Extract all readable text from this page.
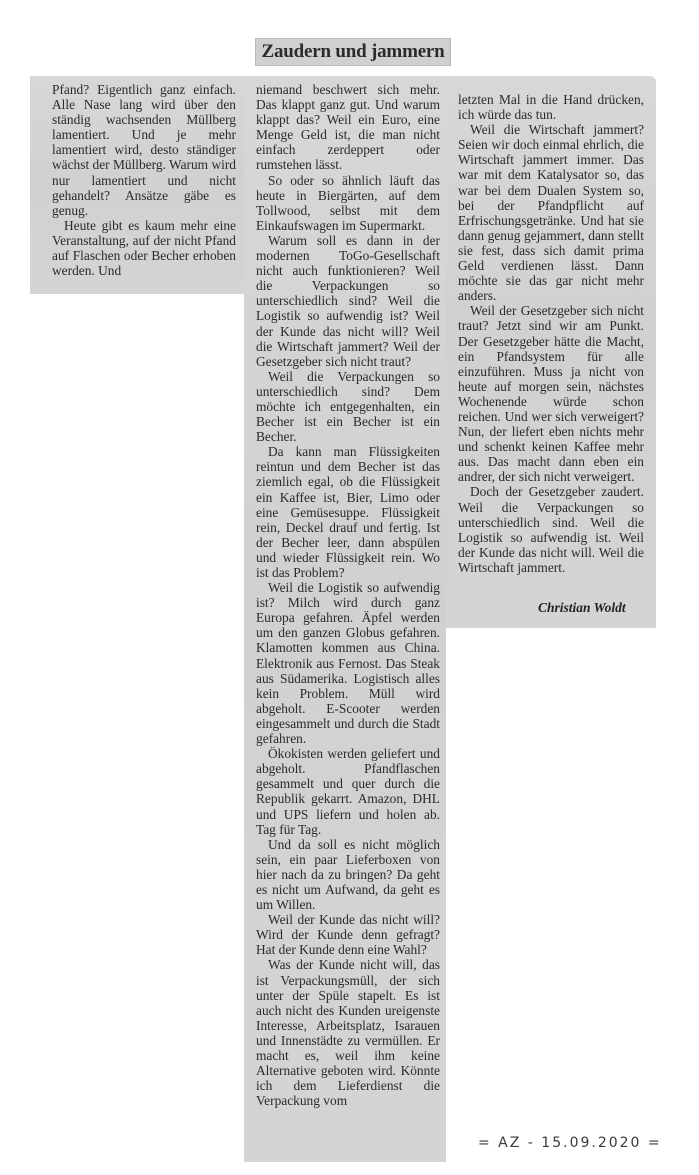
Zaudern und jammern

Pfand? Eigentlich ganz einfach. Alle Nase lang wird über den ständig wachsenden Müllberg lamentiert. Und je mehr lamentiert wird, desto ständiger wächst der Müllberg. Warum wird nur lamentiert und nicht gehandelt? Ansätze gäbe es genug.

Heute gibt es kaum mehr eine Veranstaltung, auf der nicht Pfand auf Flaschen oder Becher erhoben werden. Und

niemand beschwert sich mehr. Das klappt ganz gut. Und warum klappt das? Weil ein Euro, eine Menge Geld ist, die man nicht einfach zerdeppert oder rumstehen lässt.

So oder so ähnlich läuft das heute in Biergärten, auf dem Tollwood, selbst mit dem Einkaufswagen im Supermarkt.

Warum soll es dann in der modernen ToGo-Gesellschaft nicht auch funktionieren? Weil die Verpackungen so unterschiedlich sind? Weil die Logistik so aufwendig ist? Weil der Kunde das nicht will? Weil die Wirtschaft jammert? Weil der Gesetzgeber sich nicht traut?

Weil die Verpackungen so unterschiedlich sind? Dem möchte ich entgegenhalten, ein Becher ist ein Becher ist ein Becher.

Da kann man Flüssigkeiten reintun und dem Becher ist das ziemlich egal, ob die Flüssigkeit ein Kaffee ist, Bier, Limo oder eine Gemüsesuppe. Flüssigkeit rein, Deckel drauf und fertig. Ist der Becher leer, dann abspülen und wieder Flüssigkeit rein. Wo ist das Problem?

Weil die Logistik so aufwendig ist? Milch wird durch ganz Europa gefahren. Äpfel werden um den ganzen Globus gefahren. Klamotten kommen aus China. Elektronik aus Fernost. Das Steak aus Südamerika. Logistisch alles kein Problem. Müll wird abgeholt. E-Scooter werden eingesammelt und durch die Stadt gefahren.

Ökokisten werden geliefert und abgeholt. Pfandflaschen gesammelt und quer durch die Republik gekarrt. Amazon, DHL und UPS liefern und holen ab. Tag für Tag.

Und da soll es nicht möglich sein, ein paar Lieferboxen von hier nach da zu bringen? Da geht es nicht um Aufwand, da geht es um Willen.

Weil der Kunde das nicht will? Wird der Kunde denn gefragt? Hat der Kunde denn eine Wahl?

Was der Kunde nicht will, das ist Verpackungsmüll, der sich unter der Spüle stapelt. Es ist auch nicht des Kunden ureigenste Interesse, Arbeitsplatz, Isarauen und Innenstädte zu vermüllen. Er macht es, weil ihm keine Alternative geboten wird. Könnte ich dem Lieferdienst die Verpackung vom

letzten Mal in die Hand drücken, ich würde das tun.

Weil die Wirtschaft jammert? Seien wir doch einmal ehrlich, die Wirtschaft jammert immer. Das war mit dem Katalysator so, das war bei dem Dualen System so, bei der Pfandpflicht auf Erfrischungsgetränke. Und hat sie dann genug gejammert, dann stellt sie fest, dass sich damit prima Geld verdienen lässt. Dann möchte sie das gar nicht mehr anders.

Weil der Gesetzgeber sich nicht traut? Jetzt sind wir am Punkt. Der Gesetzgeber hätte die Macht, ein Pfandsystem für alle einzuführen. Muss ja nicht von heute auf morgen sein, nächstes Wochenende würde schon reichen. Und wer sich verweigert? Nun, der liefert eben nichts mehr und schenkt keinen Kaffee mehr aus. Das macht dann eben ein andrer, der sich nicht verweigert.

Doch der Gesetzgeber zaudert. Weil die Verpackungen so unterschiedlich sind. Weil die Logistik so aufwendig ist. Weil der Kunde das nicht will. Weil die Wirtschaft jammert.

Christian Woldt
= AZ - 15.09.2020 =
